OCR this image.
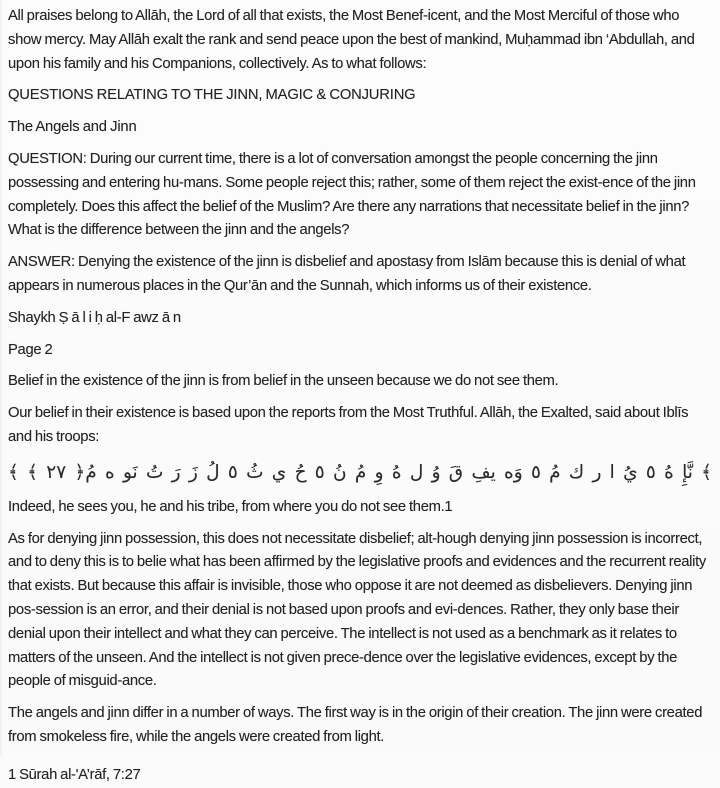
All praises belong to Allāh, the Lord of all that exists, the Most Benef-icent, and the Most Merciful of those who show mercy. May Allāh exalt the rank and send peace upon the best of mankind, Muḥammad ibn ‘Abdullah, and upon his family and his Companions, collectively. As to what follows:
QUESTIONS RELATING TO THE JINN, MAGIC & CONJURING
The Angels and Jinn
QUESTION: During our current time, there is a lot of conversation amongst the people concerning the jinn possessing and entering hu-mans. Some people reject this; rather, some of them reject the exist-ence of the jinn completely. Does this affect the belief of the Muslim? Are there any narrations that necessitate belief in the jinn? What is the difference between the jinn and the angels?
ANSWER: Denying the existence of the jinn is disbelief and apostasy from Islām because this is denial of what appears in numerous places in the Qur’ān and the Sunnah, which informs us of their existence.
Shaykh Ṣ ā l i ḥ al-F awz ā n
Page 2
Belief in the existence of the jinn is from belief in the unseen because we do not see them.
Our belief in their existence is based upon the reports from the Most Truthful. Allāh, the Exalted, said about Iblīs and his troops:
﴾ ﴾ ٢٧ ﴿مُ ه ونَ تُ رَ زَ لُ ٥ ثُ ي حُ ٥ نُ مُ وِ هُ ل وُ قَ فِي هوَ ٥ مُ ك ر ا يُ ٥ هُ إِنَّ ﴾
Indeed, he sees you, he and his tribe, from where you do not see them.1
As for denying jinn possession, this does not necessitate disbelief; alt-hough denying jinn possession is incorrect, and to deny this is to belie what has been affirmed by the legislative proofs and evidences and the recurrent reality that exists. But because this affair is invisible, those who oppose it are not deemed as disbelievers. Denying jinn pos-session is an error, and their denial is not based upon proofs and evi-dences. Rather, they only base their denial upon their intellect and what they can perceive. The intellect is not used as a benchmark as it relates to matters of the unseen. And the intellect is not given prece-dence over the legislative evidences, except by the people of misguid-ance.
The angels and jinn differ in a number of ways. The first way is in the origin of their creation. The jinn were created from smokeless fire, while the angels were created from light.
1 Sūrah al-'A’rāf, 7:27
